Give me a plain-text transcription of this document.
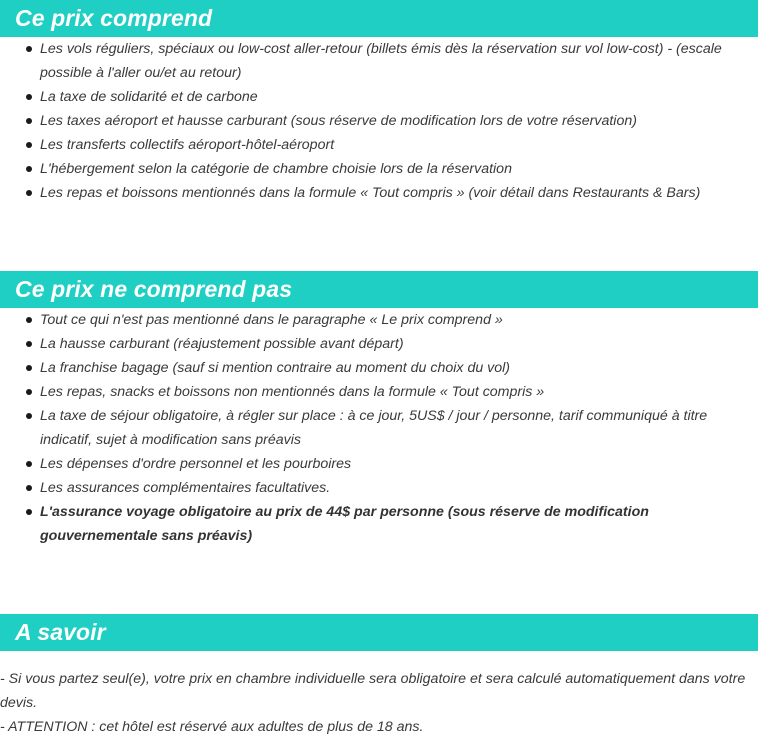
Ce prix comprend
Les vols réguliers, spéciaux ou low-cost aller-retour (billets émis dès la réservation sur vol low-cost) - (escale possible à l'aller ou/et au retour)
La taxe de solidarité et de carbone
Les taxes aéroport et hausse carburant (sous réserve de modification lors de votre réservation)
Les transferts collectifs aéroport-hôtel-aéroport
L'hébergement selon la catégorie de chambre choisie lors de la réservation
Les repas et boissons mentionnés dans la formule « Tout compris » (voir détail dans Restaurants & Bars)
Ce prix ne comprend pas
Tout ce qui n'est pas mentionné dans le paragraphe « Le prix comprend »
La hausse carburant (réajustement possible avant départ)
La franchise bagage (sauf si mention contraire au moment du choix du vol)
Les repas, snacks et boissons non mentionnés dans la formule « Tout compris »
La taxe de séjour obligatoire, à régler sur place : à ce jour, 5US$ / jour / personne, tarif communiqué à titre indicatif, sujet à modification sans préavis
Les dépenses d'ordre personnel et les pourboires
Les assurances complémentaires facultatives.
L'assurance voyage obligatoire au prix de 44$ par personne (sous réserve de modification gouvernementale sans préavis)
A savoir

- Si vous partez seul(e), votre prix en chambre individuelle sera obligatoire et sera calculé automatiquement dans votre devis.

- ATTENTION : cet hôtel est réservé aux adultes de plus de 18 ans.
